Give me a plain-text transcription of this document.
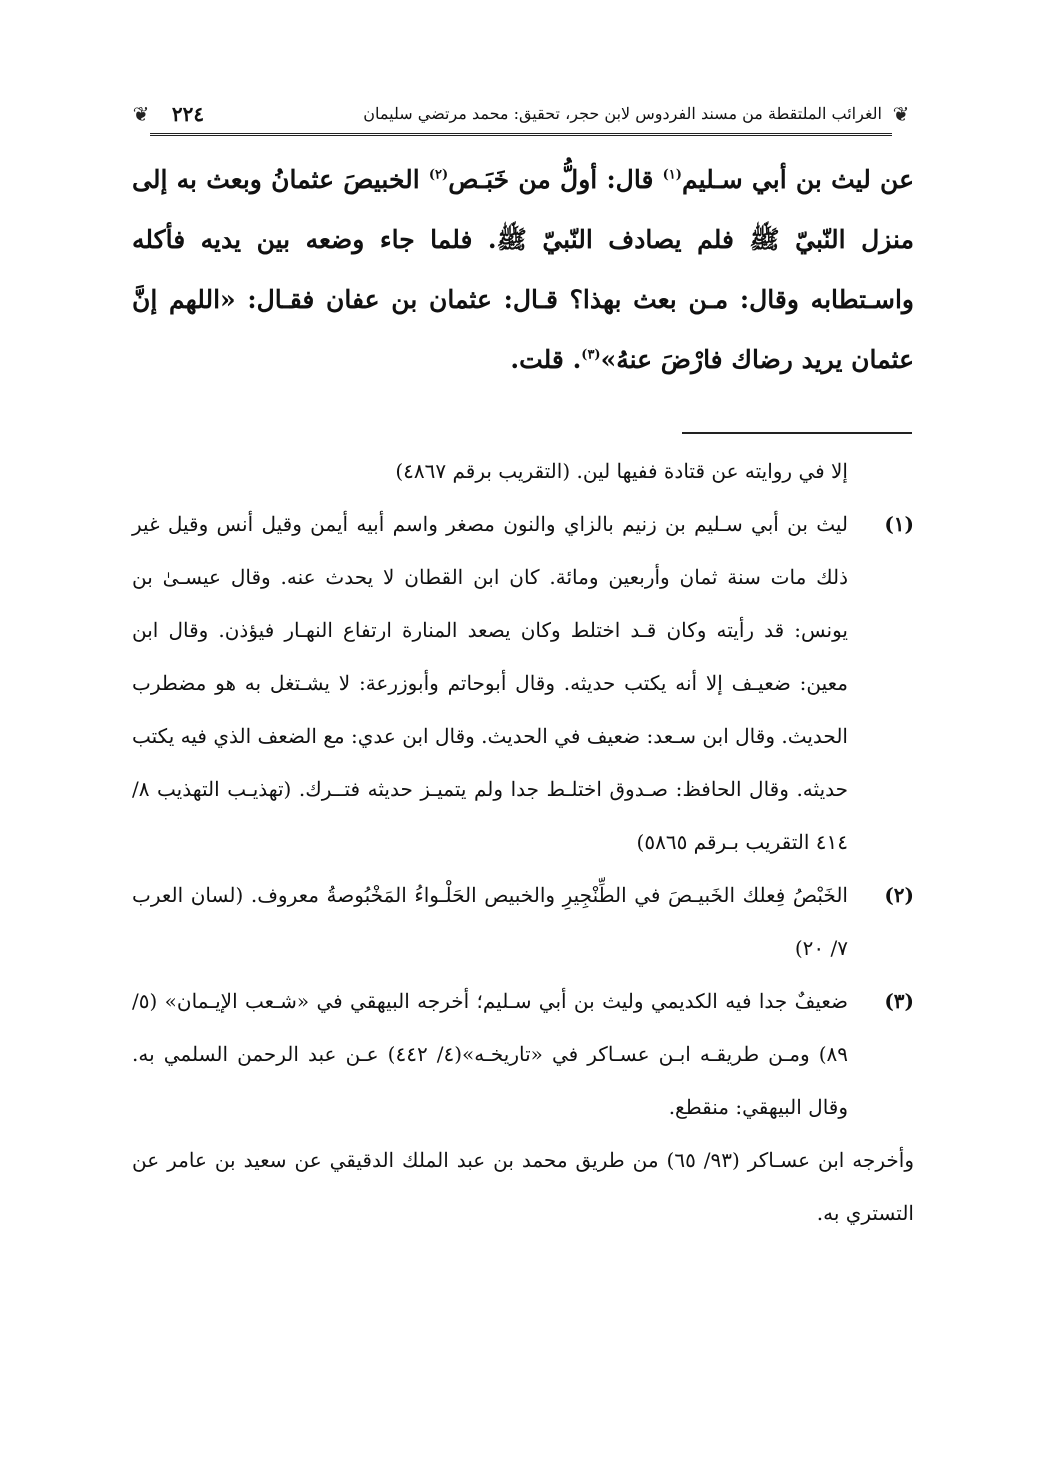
❦	٢٢٤	الغرائب الملتقطة من مسند الفردوس لابن حجر، تحقيق: محمد مرتضي سليمان ❦

عن ليث بن أبي سـليم$^{(١)}$ قال: أولُّ من خَبَـص$^{(٢)}$ الخبيصَ عثمانُ وبعث به إلى منزل النّبيّ ﷺ فلم يصادف النّبيّ ﷺ. فلما جاء وضعه بين يديه فأكله واسـتطابه وقال: مـن بعث بهذا؟ قـال: عثمان بن عفان فقـال: «اللهم إنَّ عثمان يريد رضاك فارْضَ عنهُ»$^{(٣)}$. قلت.

إلا في روايته عن قتادة ففيها لين. (التقريب برقم ٤٨٦٧)

(١)
ليث بن أبي سـليم بن زنيم بالزاي والنون مصغر واسم أبيه أيمن وقيل أنس وقيل غير ذلك مات سنة ثمان وأربعين ومائة. كان ابن القطان لا يحدث عنه. وقال عيسـىٰ بن يونس: قد رأيته وكان قـد اختلط وكان يصعد المنارة ارتفاع النهـار فيؤذن. وقال ابن معين: ضعيـف إلا أنه يكتب حديثه. وقال أبوحاتم وأبوزرعة: لا يشـتغل به هو مضطرب الحديث. وقال ابن سـعد: ضعيف في الحديث. وقال ابن عدي: مع الضعف الذي فيه يكتب حديثه. وقال الحافظ: صـدوق اختلـط جدا ولم يتميـز حديثه فتــرك. (تهذيـب التهذيب ٨/ ٤١٤ التقريب بـرقم ٥٨٦٥)
(٢)
الخَبْصُ فِعلك الخَبيـصَ في الطِّنْجِيرِ والخبيص الحَلْـواءُ المَخْبُوصةُ معروف. (لسان العرب ٧/ ٢٠)
(٣)
ضعيفٌ جدا فيه الكديمي وليث بن أبي سـليم؛ أخرجه البيهقي في «شـعب الإيـمان» (٥/ ٨٩) ومـن طريقـه ابـن عسـاكر في «تاريخـه»(٤/ ٤٤٢) عـن عبد الرحمن السلمي به. وقال البيهقي: منقطع.

وأخرجه ابن عسـاكر (٩٣/ ٦٥) من طريق محمد بن عبد الملك الدقيقي عن سعيد بن عامر عن التستري به.
